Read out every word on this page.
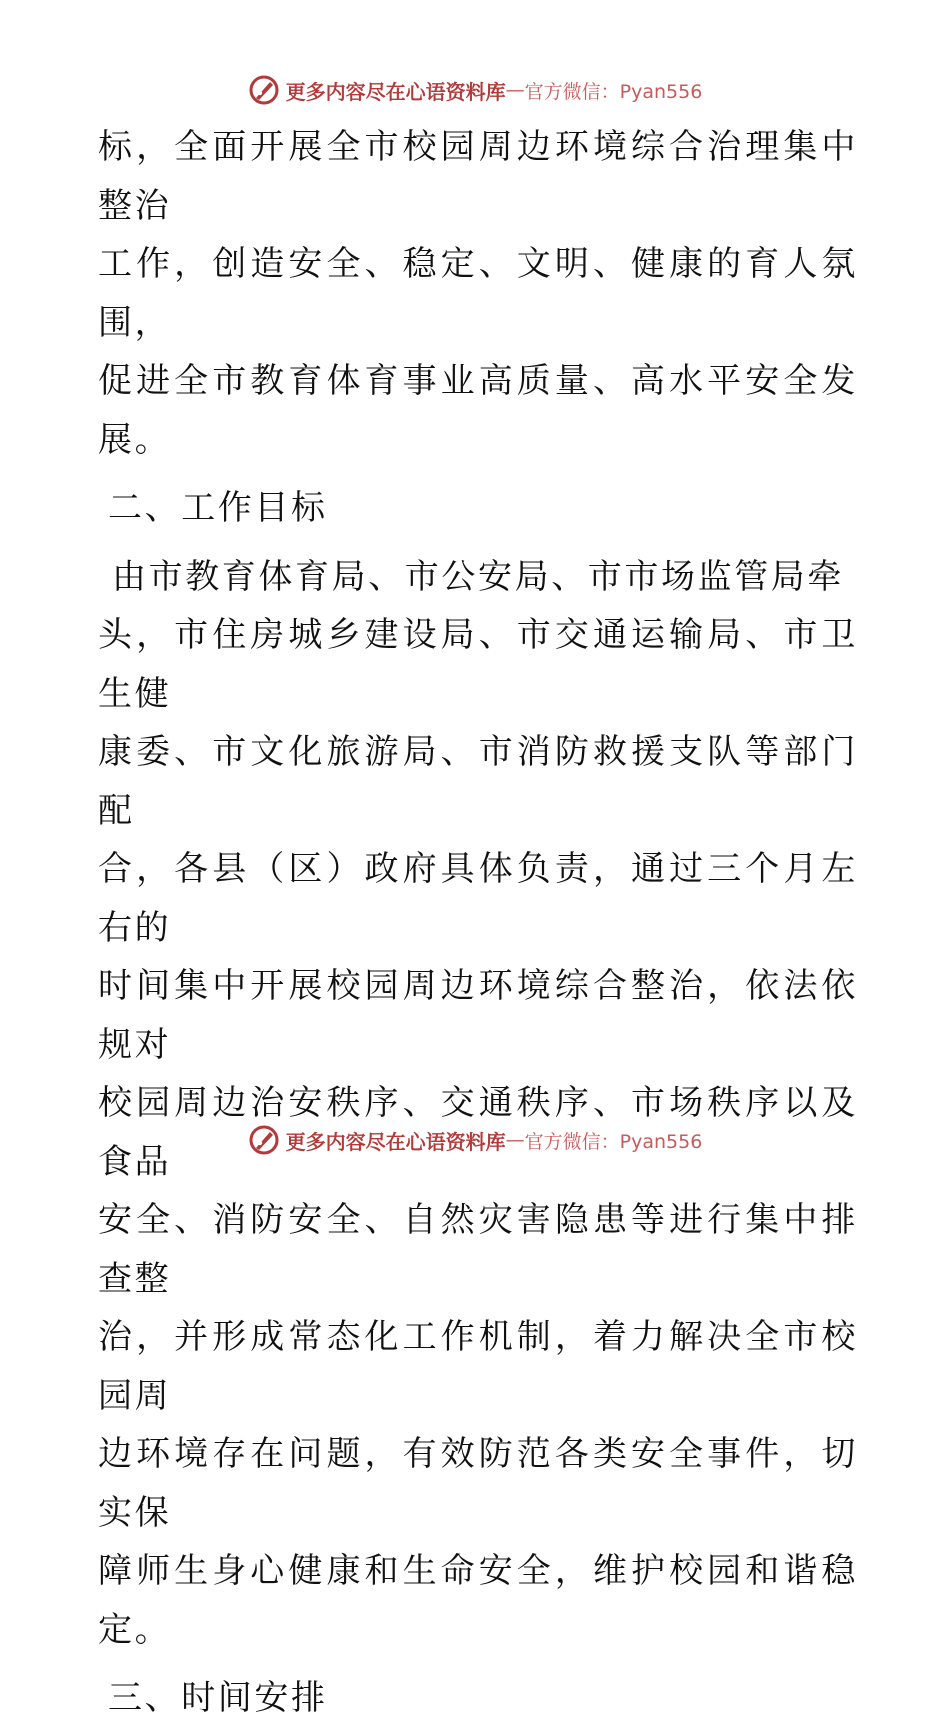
更多内容尽在心语资料库 — 官方微信：Pyan556

标，全面开展全市校园周边环境综合治理集中整治

工作，创造安全、稳定、文明、健康的育人氛围，

促进全市教育体育事业高质量、高水平安全发展。

二、工作目标

由市教育体育局、市公安局、市市场监管局牵

头，市住房城乡建设局、市交通运输局、市卫生健

康委、市文化旅游局、市消防救援支队等部门配

合，各县（区）政府具体负责，通过三个月左右的

时间集中开展校园周边环境综合整治，依法依规对

校园周边治安秩序、交通秩序、市场秩序以及食品

安全、消防安全、自然灾害隐患等进行集中排查整

治，并形成常态化工作机制，着力解决全市校园周

边环境存在问题，有效防范各类安全事件，切实保

障师生身心健康和生命安全，维护校园和谐稳定。

三、时间安排

更多内容尽在心语资料库 — 官方微信：Pyan556
